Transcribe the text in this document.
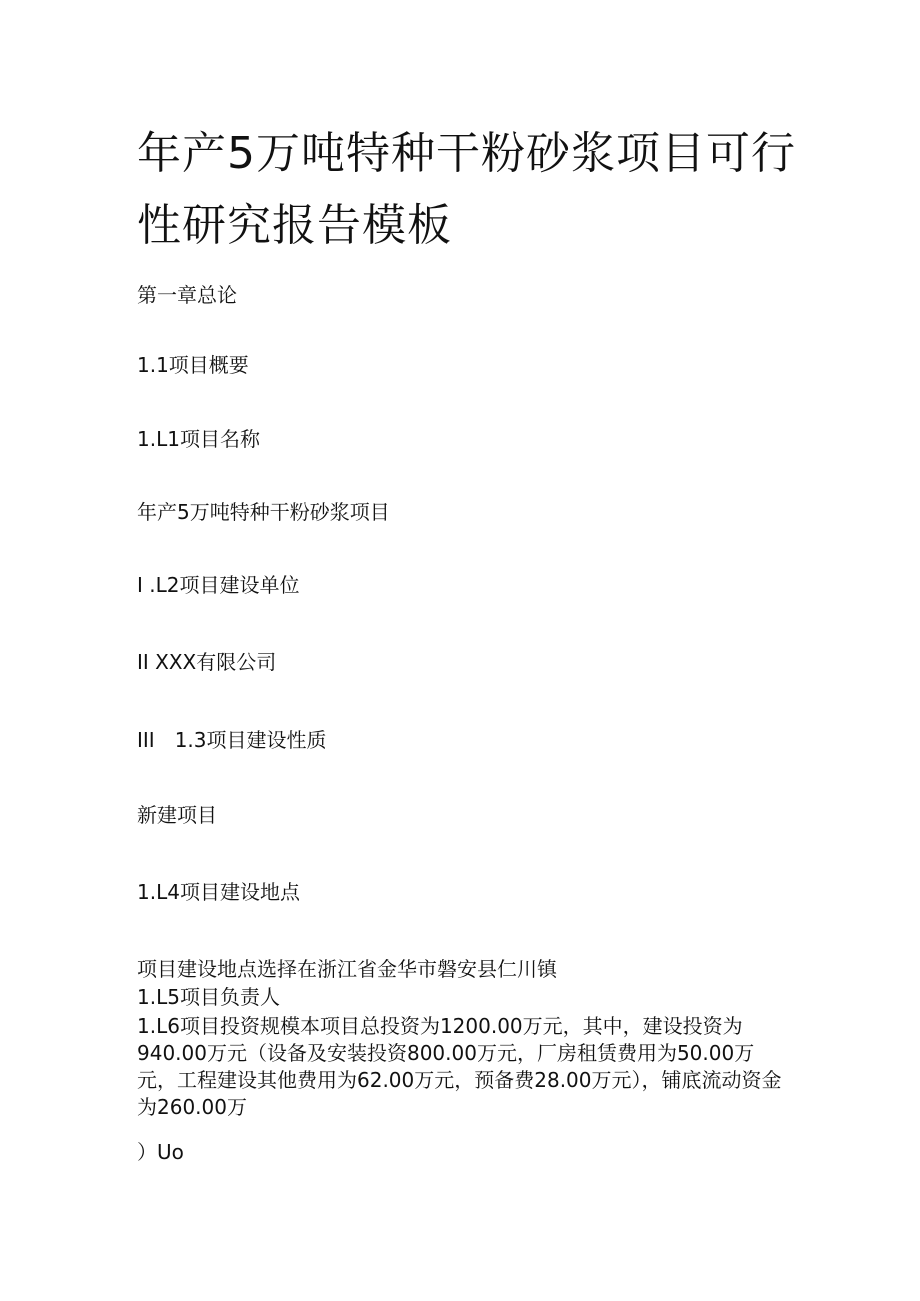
年产5万吨特种干粉砂浆项目可行性研究报告模板

第一章总论

1.1项目概要

1.L1项目名称

年产5万吨特种干粉砂浆项目

I .L2项目建设单位

II XXX有限公司

III　1.3项目建设性质

新建项目

1.L4项目建设地点

项目建设地点选择在浙江省金华市磐安县仁川镇

1.L5项目负责人

1.L6项目投资规模本项目总投资为1200.00万元，其中，建设投资为940.00万元（设备及安装投资800.00万元，厂房租赁费用为50.00万元，工程建设其他费用为62.00万元，预备费28.00万元），铺底流动资金为260.00万

）Uo
